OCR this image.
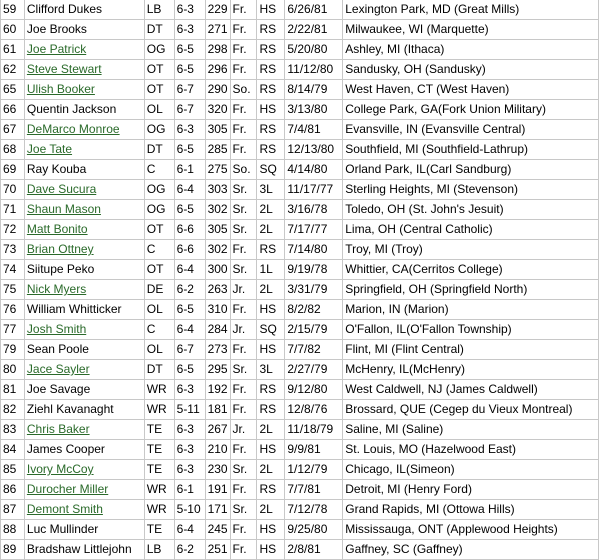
59	Clifford Dukes	LB	6-3	229	Fr.	HS	6/26/81	Lexington Park, MD (Great Mills)
60	Joe Brooks	DT	6-3	271	Fr.	RS	2/22/81	Milwaukee, WI (Marquette)
61	Joe Patrick	OG	6-5	298	Fr.	RS	5/20/80	Ashley, MI (Ithaca)
62	Steve Stewart	OT	6-5	296	Fr.	RS	11/12/80	Sandusky, OH (Sandusky)
65	Ulish Booker	OT	6-7	290	So.	RS	8/14/79	West Haven, CT (West Haven)
66	Quentin Jackson	OL	6-7	320	Fr.	HS	3/13/80	College Park, GA(Fork Union Military)
67	DeMarco Monroe	OG	6-3	305	Fr.	RS	7/4/81	Evansville, IN (Evansville Central)
68	Joe Tate	DT	6-5	285	Fr.	RS	12/13/80	Southfield, MI (Southfield-Lathrup)
69	Ray Kouba	C	6-1	275	So.	SQ	4/14/80	Orland Park, IL(Carl Sandburg)
70	Dave Sucura	OG	6-4	303	Sr.	3L	11/17/77	Sterling Heights, MI (Stevenson)
71	Shaun Mason	OG	6-5	302	Sr.	2L	3/16/78	Toledo, OH (St. John's Jesuit)
72	Matt Bonito	OT	6-6	305	Sr.	2L	7/17/77	Lima, OH (Central Catholic)
73	Brian Ottney	C	6-6	302	Fr.	RS	7/14/80	Troy, MI (Troy)
74	Siitupe Peko	OT	6-4	300	Sr.	1L	9/19/78	Whittier, CA(Cerritos College)
75	Nick Myers	DE	6-2	263	Jr.	2L	3/31/79	Springfield, OH (Springfield North)
76	William Whitticker	OL	6-5	310	Fr.	HS	8/2/82	Marion, IN (Marion)
77	Josh Smith	C	6-4	284	Jr.	SQ	2/15/79	O'Fallon, IL(O'Fallon Township)
79	Sean Poole	OL	6-7	273	Fr.	HS	7/7/82	Flint, MI (Flint Central)
80	Jace Sayler	DT	6-5	295	Sr.	3L	2/27/79	McHenry, IL(McHenry)
81	Joe Savage	WR	6-3	192	Fr.	RS	9/12/80	West Caldwell, NJ (James Caldwell)
82	Ziehl Kavanaght	WR	5-11	181	Fr.	RS	12/8/76	Brossard, QUE (Cegep du Vieux Montreal)
83	Chris Baker	TE	6-3	267	Jr.	2L	11/18/79	Saline, MI (Saline)
84	James Cooper	TE	6-3	210	Fr.	HS	9/9/81	St. Louis, MO (Hazelwood East)
85	Ivory McCoy	TE	6-3	230	Sr.	2L	1/12/79	Chicago, IL(Simeon)
86	Durocher Miller	WR	6-1	191	Fr.	RS	7/7/81	Detroit, MI (Henry Ford)
87	Demont Smith	WR	5-10	171	Sr.	2L	7/12/78	Grand Rapids, MI (Ottowa Hills)
88	Luc Mullinder	TE	6-4	245	Fr.	HS	9/25/80	Mississauga, ONT (Applewood Heights)
89	Bradshaw Littlejohn	LB	6-2	251	Fr.	HS	2/8/81	Gaffney, SC (Gaffney)
